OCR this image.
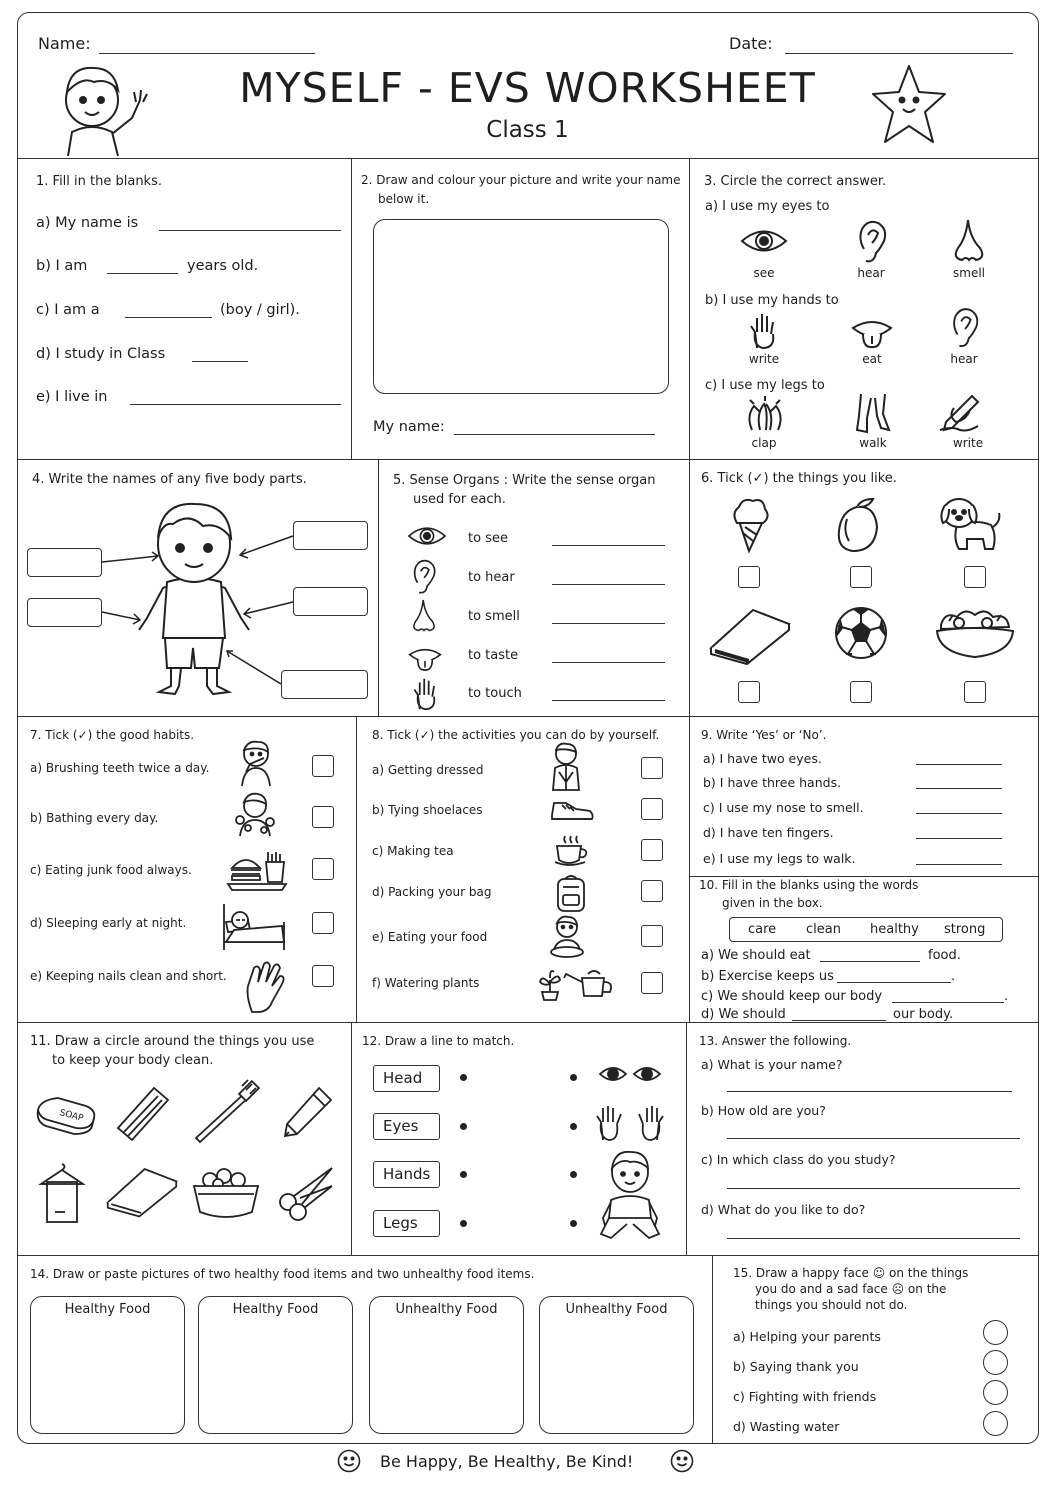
Name:	Date:
MYSELF - EVS WORKSHEET
Class 1
1. Fill in the blanks.
a) My name is
b) I am	years old.
c) I am a	(boy / girl).
d) I study in Class
e) I live in
2. Draw and colour your picture and write your name
below it.
My name:
3. Circle the correct answer.
a) I use my eyes to
see	hear	smell
b) I use my hands to
write	eat	hear
c) I use my legs to
clap	walk	write
4. Write the names of any five body parts.	5. Sense Organs : Write the sense organ
used for each.
to see
to hear
to smell
to taste
to touch
6. Tick (✓) the things you like.
7. Tick (✓) the good habits.
a) Brushing teeth twice a day.
b) Bathing every day.
c) Eating junk food always.
d) Sleeping early at night.
e) Keeping nails clean and short.
8. Tick (✓) the activities you can do by yourself.
a) Getting dressed
b) Tying shoelaces
c) Making tea
d) Packing your bag
e) Eating your food
f) Watering plants
9. Write ‘Yes’ or ‘No’.
a) I have two eyes.
b) I have three hands.
c) I use my nose to smell.
d) I have ten fingers.
e) I use my legs to walk.
10. Fill in the blanks using the words
given in the box.
care clean healthy strong
a) We should eat	food.
b) Exercise keeps us	.
c) We should keep our body	.
d) We should	our body.
11. Draw a circle around the things you use
to keep your body clean.
SOAP
12. Draw a line to match.
Head
Eyes
Hands
Legs
13. Answer the following.
a) What is your name?
b) How old are you?
c) In which class do you study?
d) What do you like to do?
14. Draw or paste pictures of two healthy food items and two unhealthy food items.
Healthy Food	Healthy Food	Unhealthy Food	Unhealthy Food
15. Draw a happy face ☺ on the things
you do and a sad face ☹ on the
things you should not do.
a) Helping your parents
b) Saying thank you
c) Fighting with friends
d) Wasting water
Be Happy, Be Healthy, Be Kind!
